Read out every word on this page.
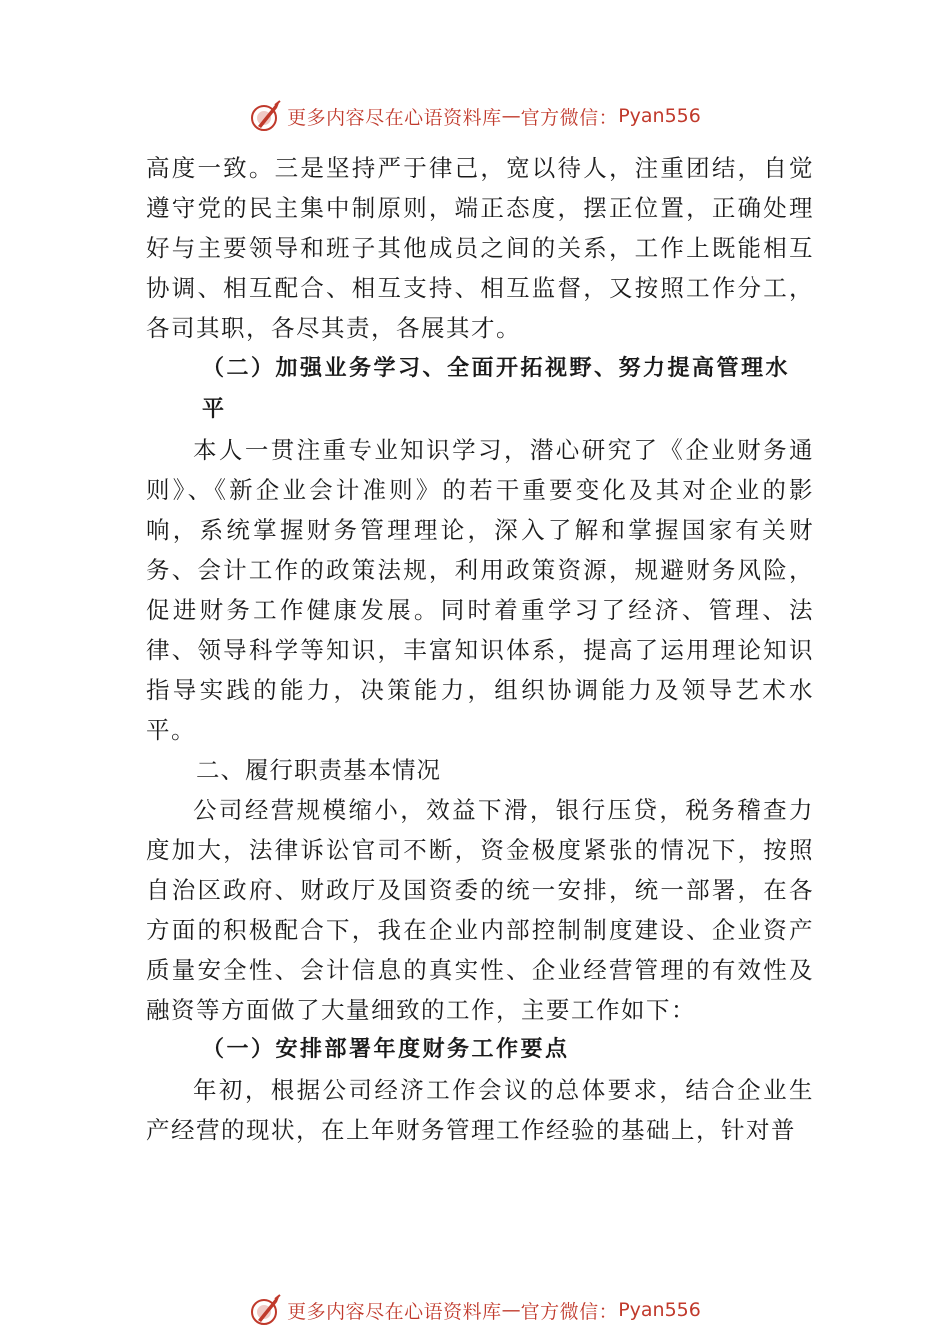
更多内容尽在心语资料库 — 官方微信： Pyan556

高度一致。三是坚持严于律己，宽以待人，注重团结，自觉遵守党的民主集中制原则，端正态度，摆正位置，正确处理好与主要领导和班子其他成员之间的关系，工作上既能相互协调、相互配合、相互支持、相互监督，又按照工作分工， 各司其职，各尽其责，各展其才。

（二）加强业务学习、全面开拓视野、努力提高管理水平

本人一贯注重专业知识学习，潜心研究了《企业财务通则》、《新企业会计准则》的若干重要变化及其对企业的影响，系统掌握财务管理理论，深入了解和掌握国家有关财务、会计工作的政策法规，利用政策资源，规避财务风险，促进财务工作健康发展。同时着重学习了经济、管理、法律、领导科学等知识，丰富知识体系，提高了运用理论知识指导实践的能力，决策能力，组织协调能力及领导艺术水平。

二、履行职责基本情况

公司经营规模缩小，效益下滑，银行压贷，税务稽查力度加大，法律诉讼官司不断，资金极度紧张的情况下，按照自治区政府、财政厅及国资委的统一安排，统一部署，在各方面的积极配合下，我在企业内部控制制度建设、企业资产质量安全性、会计信息的真实性、企业经营管理的有效性及融资等方面做了大量细致的工作，主要工作如下：

（一）安排部署年度财务工作要点

年初，根据公司经济工作会议的总体要求，结合企业生产经营的现状，在上年财务管理工作经验的基础上，针对普

更多内容尽在心语资料库 — 官方微信： Pyan556
